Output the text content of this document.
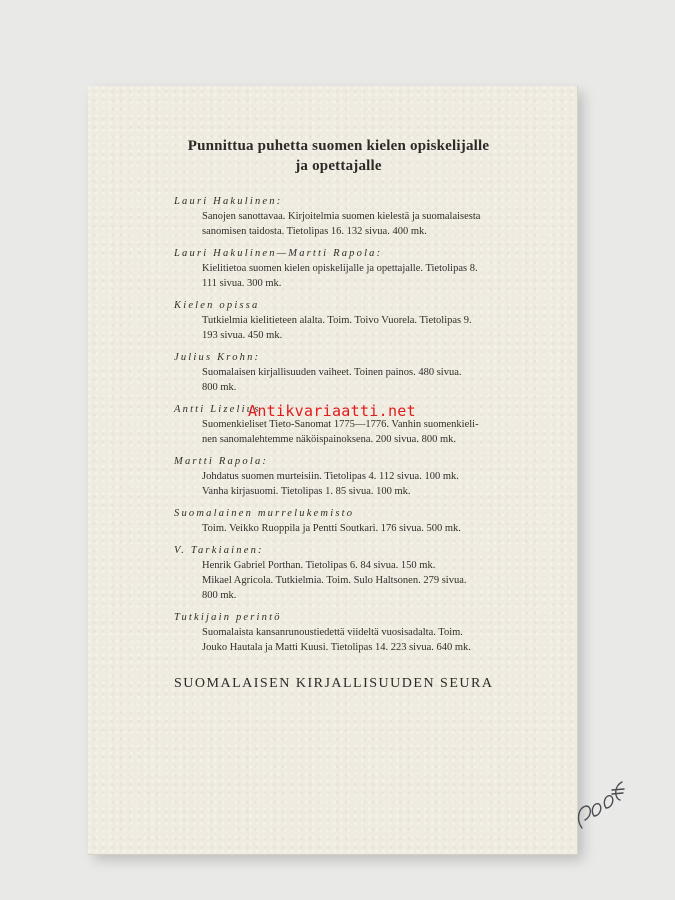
Punnittua puhetta suomen kielen opiskelijalle
ja opettajalle
Lauri Hakulinen:
Sanojen sanottavaa. Kirjoitelmia suomen kielestä ja suomalaisesta
sanomisen taidosta. Tietolipas 16. 132 sivua. 400 mk.
Lauri Hakulinen—Martti Rapola:
Kielitietoa suomen kielen opiskelijalle ja opettajalle. Tietolipas 8.
111 sivua. 300 mk.
Kielen opissa
Tutkielmia kielitieteen alalta. Toim. Toivo Vuorela. Tietolipas 9.
193 sivua. 450 mk.
Julius Krohn:
Suomalaisen kirjallisuuden vaiheet. Toinen painos. 480 sivua.
800 mk.
Antti Lizelius
Suomenkieliset Tieto-Sanomat 1775—1776. Vanhin suomenkieli-
nen sanomalehtemme näköispainoksena. 200 sivua. 800 mk.
Martti Rapola:
Johdatus suomen murteisiin. Tietolipas 4. 112 sivua. 100 mk.
Vanha kirjasuomi. Tietolipas 1. 85 sivua. 100 mk.
Suomalainen murrelukemisto
Toim. Veikko Ruoppila ja Pentti Soutkari. 176 sivua. 500 mk.
V. Tarkiainen:
Henrik Gabriel Porthan. Tietolipas 6. 84 sivua. 150 mk.
Mikael Agricola. Tutkielmia. Toim. Sulo Haltsonen. 279 sivua.
800 mk.
Tutkijain perintö
Suomalaista kansanrunoustiedettä viideltä vuosisadalta. Toim.
Jouko Hautala ja Matti Kuusi. Tietolipas 14. 223 sivua. 640 mk.
SUOMALAISEN KIRJALLISUUDEN SEURA
Antikvariaatti.net
